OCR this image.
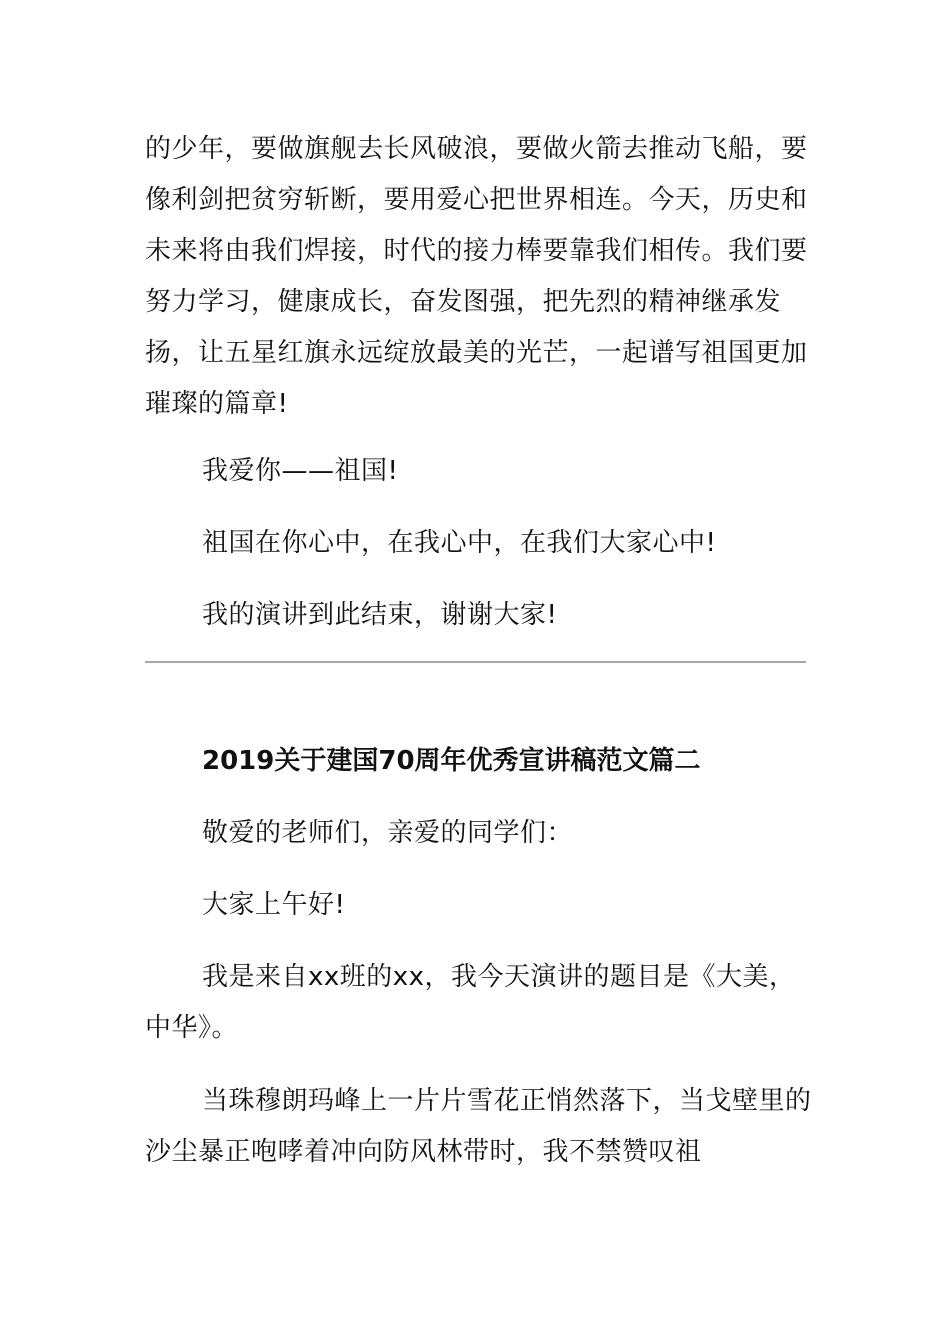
的少年，要做旗舰去长风破浪，要做火箭去推动飞船，要像利剑把贫穷斩断，要用爱心把世界相连。今天，历史和未来将由我们焊接，时代的接力棒要靠我们相传。我们要努力学习，健康成长，奋发图强，把先烈的精神继承发扬，让五星红旗永远绽放最美的光芒，一起谱写祖国更加璀璨的篇章!

我爱你——祖国!

祖国在你心中，在我心中，在我们大家心中!

我的演讲到此结束，谢谢大家!

2019关于建国70周年优秀宣讲稿范文篇二

敬爱的老师们，亲爱的同学们：

大家上午好!

我是来自xx班的xx，我今天演讲的题目是《大美，中华》。

当珠穆朗玛峰上一片片雪花正悄然落下，当戈壁里的沙尘暴正咆哮着冲向防风林带时，我不禁赞叹祖
